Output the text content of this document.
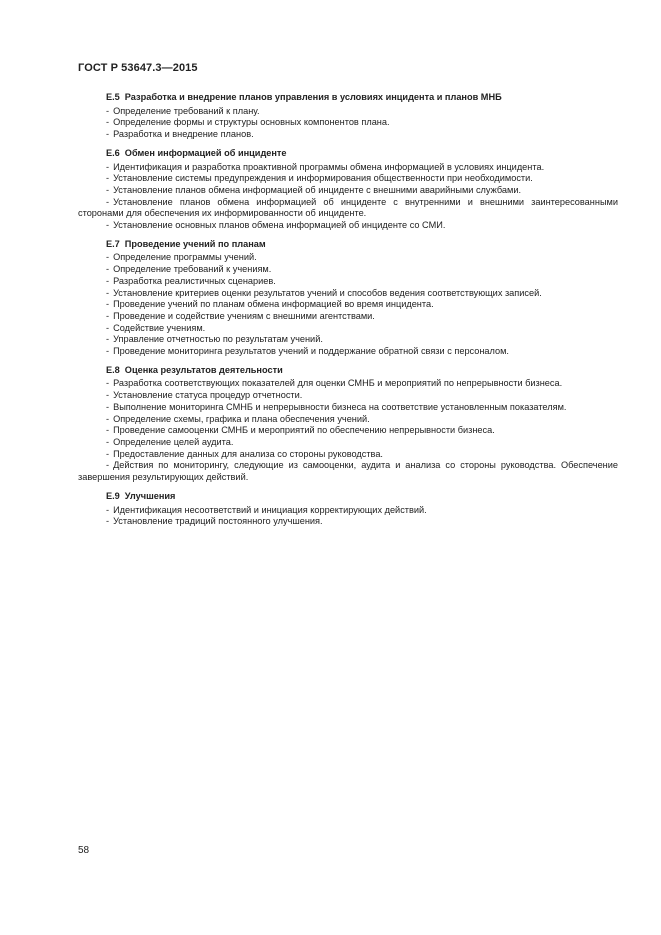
ГОСТ Р 53647.3—2015
Е.5 Разработка и внедрение планов управления в условиях инцидента и планов МНБ
- Определение требований к плану.
- Определение формы и структуры основных компонентов плана.
- Разработка и внедрение планов.
Е.6 Обмен информацией об инциденте
- Идентификация и разработка проактивной программы обмена информацией в условиях инцидента.
- Установление системы предупреждения и информирования общественности при необходимости.
- Установление планов обмена информацией об инциденте с внешними аварийными службами.
- Установление планов обмена информацией об инциденте с внутренними и внешними заинтересованными сторонами для обеспечения их информированности об инциденте.
- Установление основных планов обмена информацией об инциденте со СМИ.
Е.7 Проведение учений по планам
- Определение программы учений.
- Определение требований к учениям.
- Разработка реалистичных сценариев.
- Установление критериев оценки результатов учений и способов ведения соответствующих записей.
- Проведение учений по планам обмена информацией во время инцидента.
- Проведение и содействие учениям с внешними агентствами.
- Содействие учениям.
- Управление отчетностью по результатам учений.
- Проведение мониторинга результатов учений и поддержание обратной связи с персоналом.
Е.8 Оценка результатов деятельности
- Разработка соответствующих показателей для оценки СМНБ и мероприятий по непрерывности бизнеса.
- Установление статуса процедур отчетности.
- Выполнение мониторинга СМНБ и непрерывности бизнеса на соответствие установленным показателям.
- Определение схемы, графика и плана обеспечения учений.
- Проведение самооценки СМНБ и мероприятий по обеспечению непрерывности бизнеса.
- Определение целей аудита.
- Предоставление данных для анализа со стороны руководства.
- Действия по мониторингу, следующие из самооценки, аудита и анализа со стороны руководства. Обеспечение завершения результирующих действий.
Е.9 Улучшения
- Идентификация несоответствий и инициация корректирующих действий.
- Установление традиций постоянного улучшения.
58
